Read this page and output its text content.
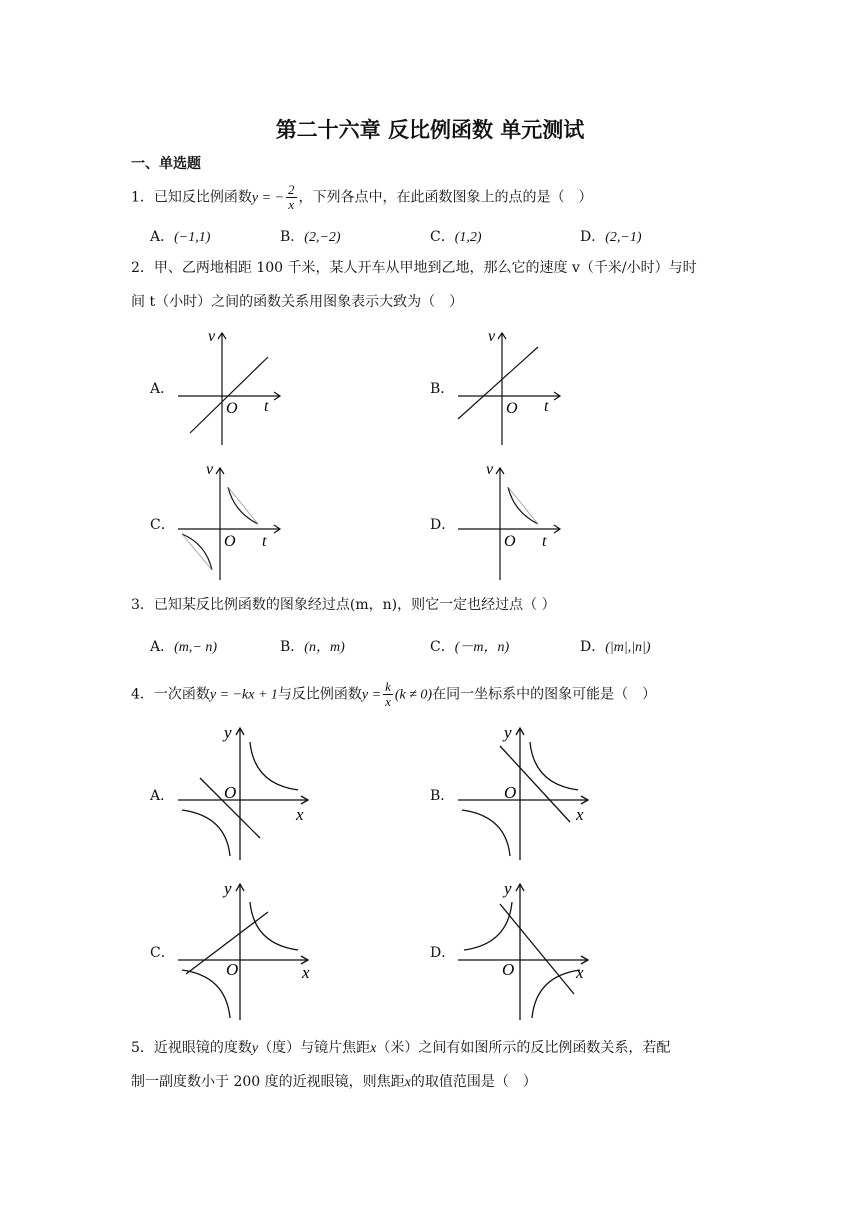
第二十六章 反比例函数 单元测试
一、单选题
1．已知反比例函数y = − $\frac{2}{x}$ ，下列各点中，在此函数图象上的点的是（　）
A．(−1,1)	B．(2,−2)	C．(1,2)	D．(2,−1)
2．甲、乙两地相距 100 千米，某人开车从甲地到乙地，那么它的速度 v（千米/小时）与时
间 t（小时）之间的函数关系用图象表示大致为（　）
A．
v
t
O
B．
v
t
O
C．
v
t
O
D．
v
t
O
3．已知某反比例函数的图象经过点(m，n)，则它一定也经过点（ ）
A．(m,− n)	B．(n，m)	C．(－m，n)	D．(|m|,|n|)
4．一次函数y = −kx + 1与反比例函数$y = \frac{k}{x} (k \ne 0)$在同一坐标系中的图象可能是（　）
A．
y
x
O	B．
y
x
O
C．
y
x
O
D．
y
x
O
5．近视眼镜的度数y（度）与镜片焦距x（米）之间有如图所示的反比例函数关系，若配
制一副度数小于 200 度的近视眼镜，则焦距x的取值范围是（　）
